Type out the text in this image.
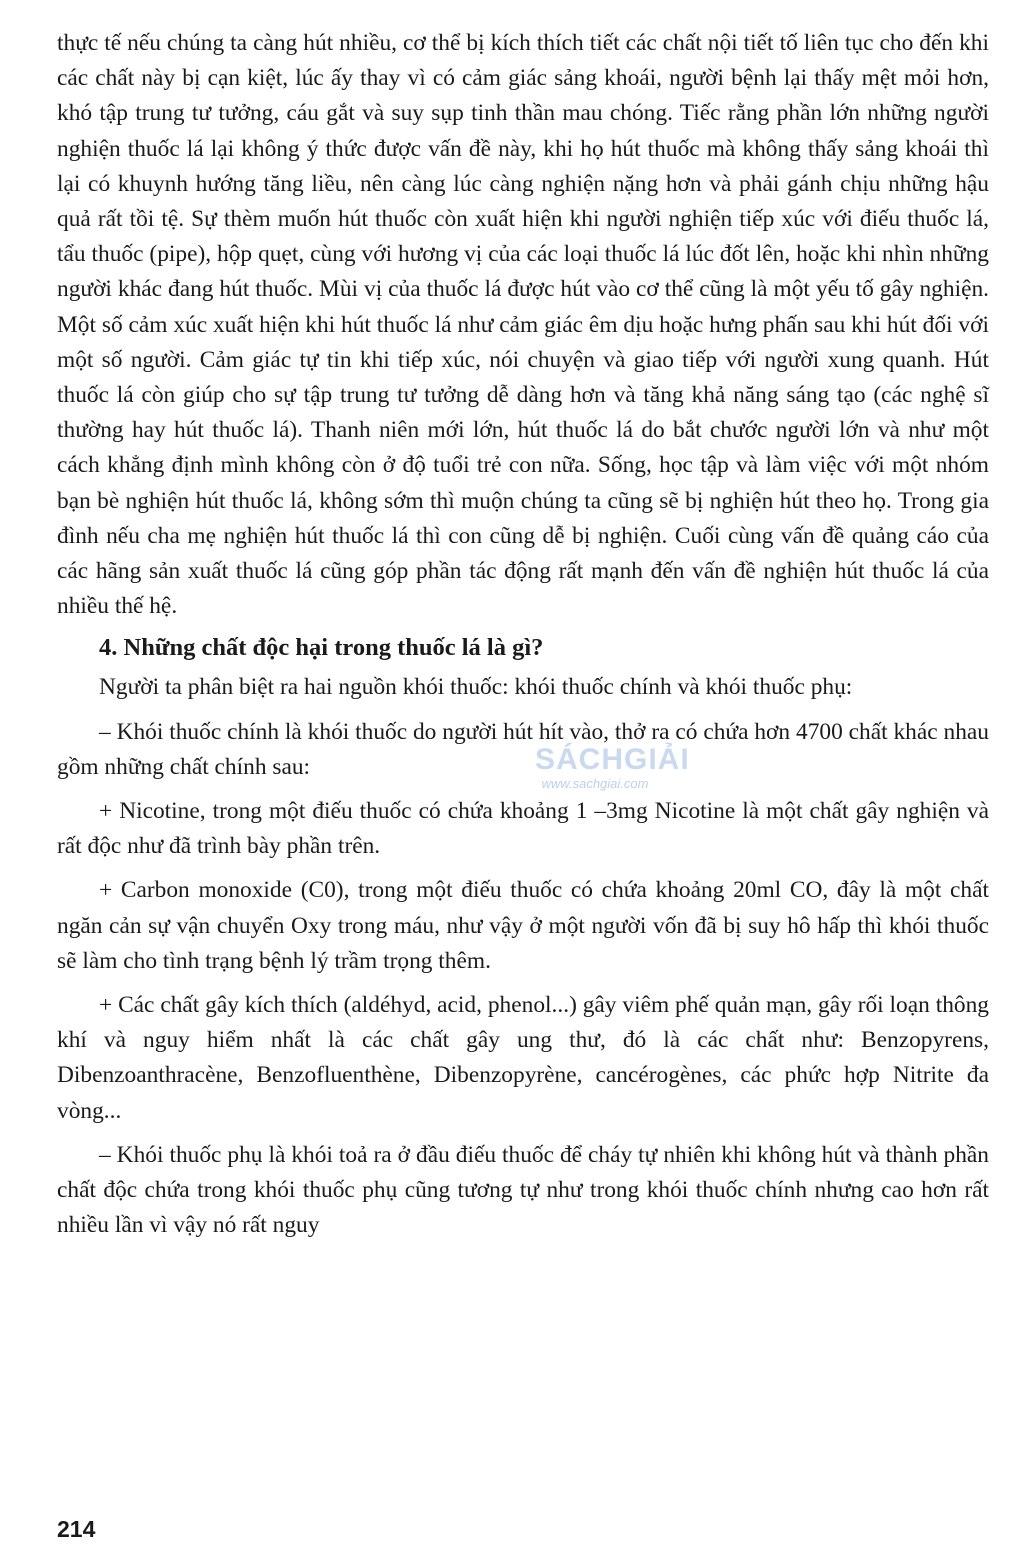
thực tế nếu chúng ta càng hút nhiều, cơ thể bị kích thích tiết các chất nội tiết tố liên tục cho đến khi các chất này bị cạn kiệt, lúc ấy thay vì có cảm giác sảng khoái, người bệnh lại thấy mệt mỏi hơn, khó tập trung tư tưởng, cáu gắt và suy sụp tinh thần mau chóng. Tiếc rằng phần lớn những người nghiện thuốc lá lại không ý thức được vấn đề này, khi họ hút thuốc mà không thấy sảng khoái thì lại có khuynh hướng tăng liều, nên càng lúc càng nghiện nặng hơn và phải gánh chịu những hậu quả rất tồi tệ. Sự thèm muốn hút thuốc còn xuất hiện khi người nghiện tiếp xúc với điếu thuốc lá, tẩu thuốc (pipe), hộp quẹt, cùng với hương vị của các loại thuốc lá lúc đốt lên, hoặc khi nhìn những người khác đang hút thuốc. Mùi vị của thuốc lá được hút vào cơ thể cũng là một yếu tố gây nghiện. Một số cảm xúc xuất hiện khi hút thuốc lá như cảm giác êm dịu hoặc hưng phấn sau khi hút đối với một số người. Cảm giác tự tin khi tiếp xúc, nói chuyện và giao tiếp với người xung quanh. Hút thuốc lá còn giúp cho sự tập trung tư tưởng dễ dàng hơn và tăng khả năng sáng tạo (các nghệ sĩ thường hay hút thuốc lá). Thanh niên mới lớn, hút thuốc lá do bắt chước người lớn và như một cách khẳng định mình không còn ở độ tuổi trẻ con nữa. Sống, học tập và làm việc với một nhóm bạn bè nghiện hút thuốc lá, không sớm thì muộn chúng ta cũng sẽ bị nghiện hút theo họ. Trong gia đình nếu cha mẹ nghiện hút thuốc lá thì con cũng dễ bị nghiện. Cuối cùng vấn đề quảng cáo của các hãng sản xuất thuốc lá cũng góp phần tác động rất mạnh đến vấn đề nghiện hút thuốc lá của nhiều thế hệ.

4. Những chất độc hại trong thuốc lá là gì?

Người ta phân biệt ra hai nguồn khói thuốc: khói thuốc chính và khói thuốc phụ:

– Khói thuốc chính là khói thuốc do người hút hít vào, thở ra có chứa hơn 4700 chất khác nhau gồm những chất chính sau:

+ Nicotine, trong một điếu thuốc có chứa khoảng 1 –3mg Nicotine là một chất gây nghiện và rất độc như đã trình bày phần trên.

+ Carbon monoxide (C0), trong một điếu thuốc có chứa khoảng 20ml CO, đây là một chất ngăn cản sự vận chuyển Oxy trong máu, như vậy ở một người vốn đã bị suy hô hấp thì khói thuốc sẽ làm cho tình trạng bệnh lý trầm trọng thêm.

+ Các chất gây kích thích (aldéhyd, acid, phenol...) gây viêm phế quản mạn, gây rối loạn thông khí và nguy hiểm nhất là các chất gây ung thư, đó là các chất như: Benzopyrens, Dibenzoanthracène, Benzofluenthène, Dibenzopyrène, cancérogènes, các phức hợp Nitrite đa vòng...

– Khói thuốc phụ là khói toả ra ở đầu điếu thuốc để cháy tự nhiên khi không hút và thành phần chất độc chứa trong khói thuốc phụ cũng tương tự như trong khói thuốc chính nhưng cao hơn rất nhiều lần vì vậy nó rất nguy

SÁCHGIẢI
www.sachgiai.com
214
